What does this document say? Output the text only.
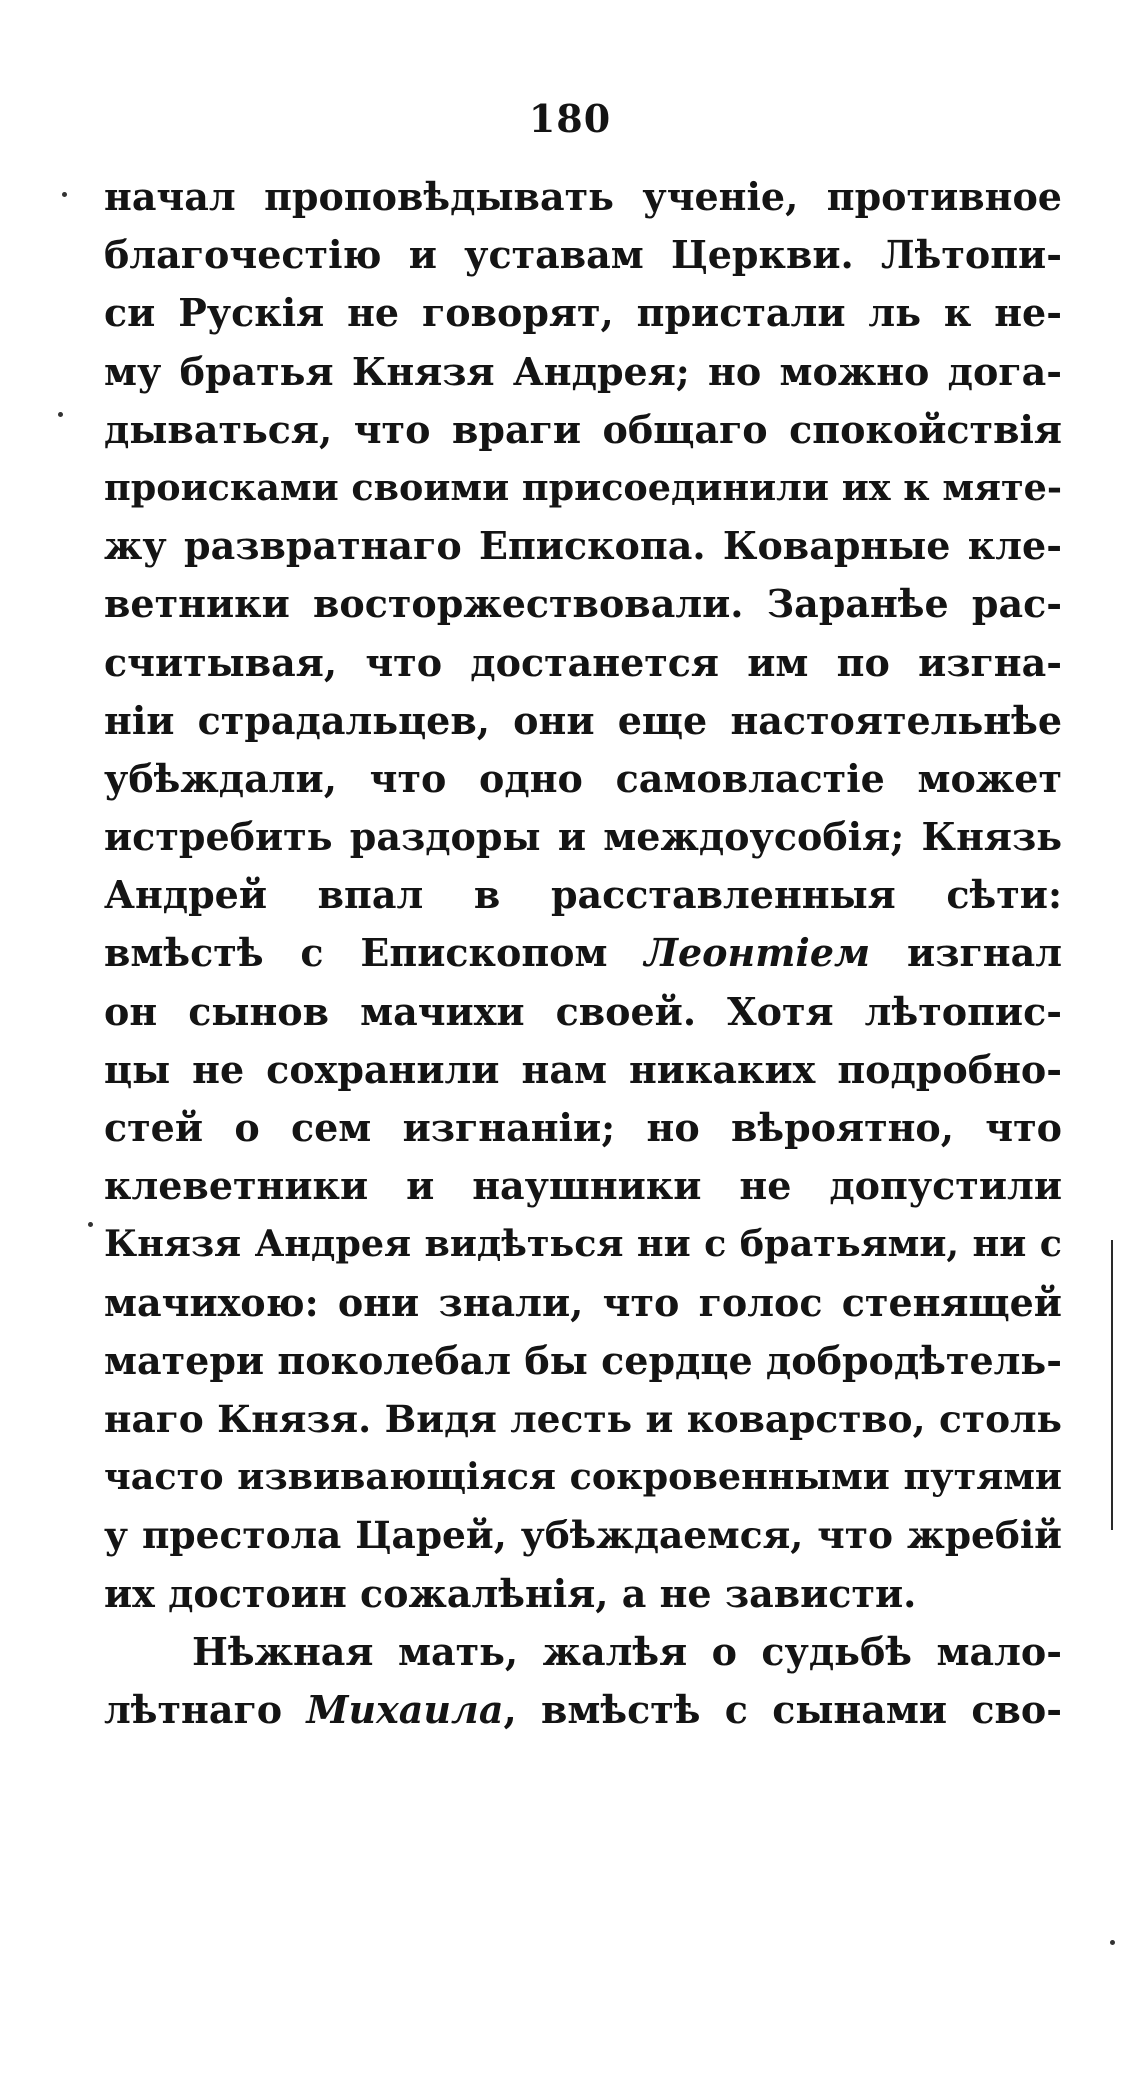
180
начал проповѣдывать ученіе, противное
благочестію и уставам Церкви. Лѣтопи-
си Рускія не говорят, пристали ль к не-
му братья Князя Андрея; но можно дога-
дываться, что враги общаго спокойствія
происками своими присоединили их к мяте-
жу развратнаго Епископа. Коварные кле-
ветники восторжествовали. Заранѣе рас-
считывая, что достанется им по изгна-
ніи страдальцев, они еще настоятельнѣе
убѣждали, что одно самовластіе может
истребить раздоры и междоусобія; Князь
Андрей впал в расставленныя сѣти:
вмѣстѣ с Епископом Леонтіем изгнал
он сынов мачихи своей. Хотя лѣтопис-
цы не сохранили нам никаких подробно-
стей о сем изгнаніи; но вѣроятно, что
клеветники и наушники не допустили
Князя Андрея видѣться ни с братьями, ни с
мачихою: они знали, что голос стенящей
матери поколебал бы сердце добродѣтель-
наго Князя. Видя лесть и коварство, столь
часто извивающіяся сокровенными путями
у престола Царей, убѣждаемся, что жребій
их достоин сожалѣнія, а не зависти.
Нѣжная мать, жалѣя о судьбѣ мало-
лѣтнаго Михаила, вмѣстѣ с сынами сво-
